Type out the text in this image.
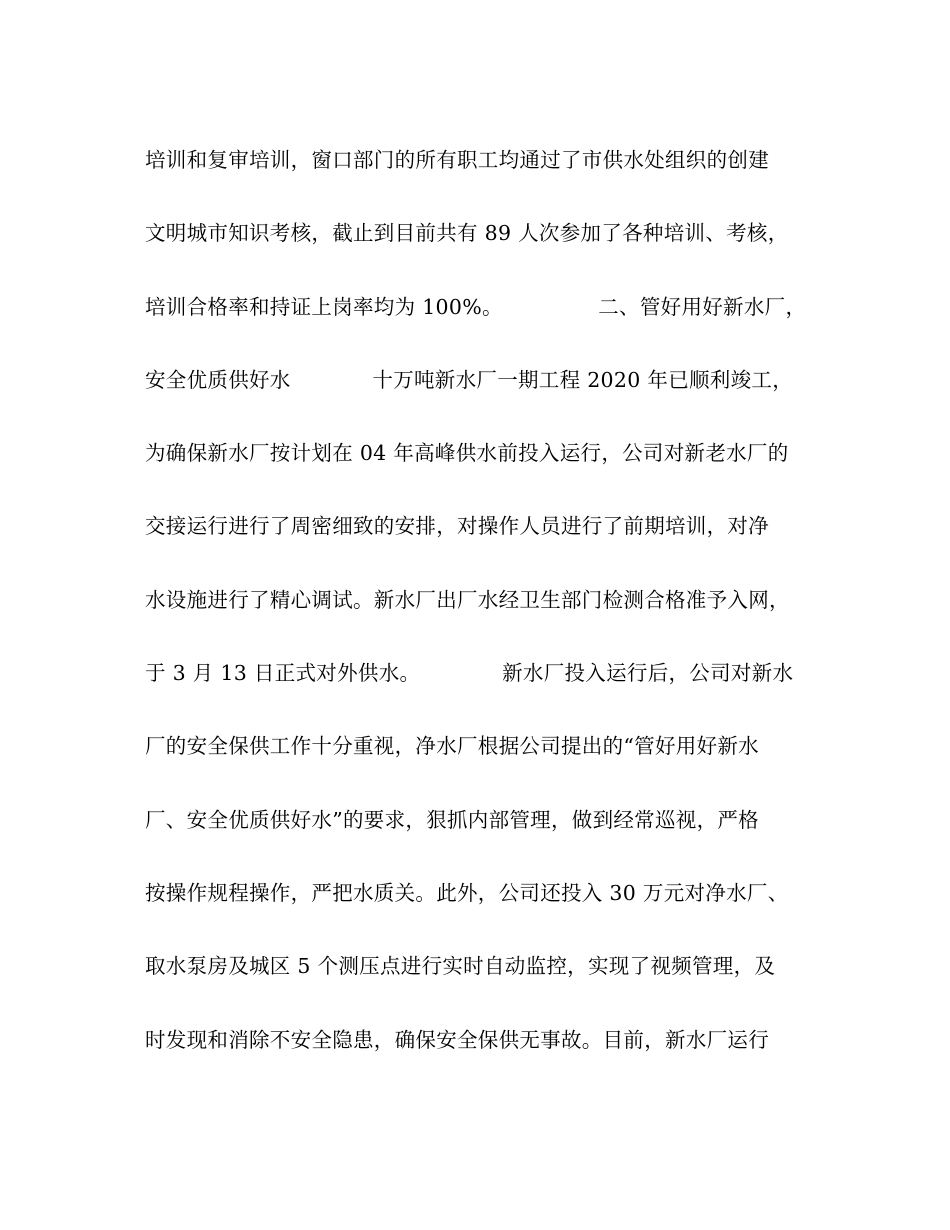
培训和复审培训，窗口部门的所有职工均通过了市供水处组织的创建
文明城市知识考核，截止到目前共有 89 人次参加了各种培训、考核，
培训合格率和持证上岗率均为 100%。              二、管好用好新水厂，
安全优质供好水            十万吨新水厂一期工程 2020 年已顺利竣工，
为确保新水厂按计划在 04 年高峰供水前投入运行，公司对新老水厂的
交接运行进行了周密细致的安排，对操作人员进行了前期培训，对净
水设施进行了精心调试。新水厂出厂水经卫生部门检测合格准予入网，
于 3 月 13 日正式对外供水。            新水厂投入运行后，公司对新水
厂的安全保供工作十分重视，净水厂根据公司提出的“管好用好新水
厂、安全优质供好水”的要求，狠抓内部管理，做到经常巡视，严格
按操作规程操作，严把水质关。此外，公司还投入 30 万元对净水厂、
取水泵房及城区 5 个测压点进行实时自动监控，实现了视频管理，及
时发现和消除不安全隐患，确保安全保供无事故。目前，新水厂运行
